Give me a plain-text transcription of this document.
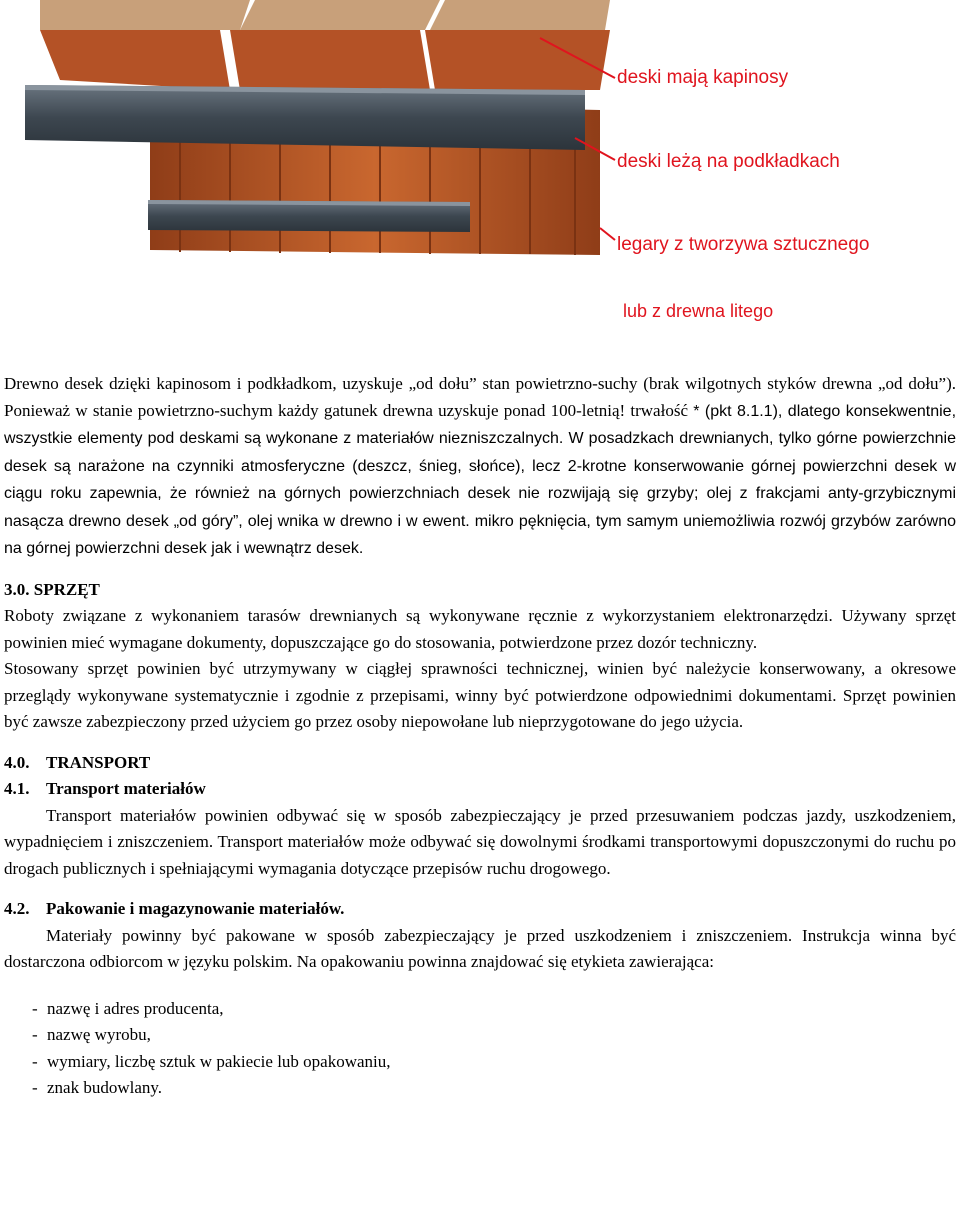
deski mają kapinosy
deski leżą na podkładkach
legary z tworzywa sztucznego
lub z drewna litego

Drewno desek dzięki kapinosom i podkładkom, uzyskuje „od dołu” stan powietrzno-suchy (brak wilgotnych styków drewna „od dołu”). Ponieważ w stanie powietrzno-suchym każdy gatunek drewna uzyskuje ponad 100-letnią! trwałość * (pkt 8.1.1), dlatego konsekwentnie, wszystkie elementy pod deskami są wykonane z materiałów niezniszczalnych. W posadzkach drewnianych, tylko górne powierzchnie desek są narażone na czynniki atmosferyczne (deszcz, śnieg, słońce), lecz 2-krotne konserwowanie górnej powierzchni desek w ciągu roku zapewnia, że również na górnych powierzchniach desek nie rozwijają się grzyby; olej z frakcjami anty-grzybicznymi nasącza drewno desek „od góry”, olej wnika w drewno i w ewent. mikro pęknięcia, tym samym uniemożliwia rozwój grzybów zarówno na górnej powierzchni desek jak i wewnątrz desek.

3.0. SPRZĘT

Roboty związane z wykonaniem tarasów drewnianych są wykonywane ręcznie z wykorzystaniem elektronarzędzi. Używany sprzęt powinien mieć wymagane dokumenty, dopuszczające go do stosowania, potwierdzone przez dozór techniczny.

Stosowany sprzęt powinien być utrzymywany w ciągłej sprawności technicznej, winien być należycie konserwowany, a okresowe przeglądy wykonywane systematycznie i zgodnie z przepisami, winny być potwierdzone odpowiednimi dokumentami. Sprzęt powinien być zawsze zabezpieczony przed użyciem go przez osoby niepowołane lub nieprzygotowane do jego użycia.

4.0. TRANSPORT

4.1. Transport materiałów

Transport materiałów powinien odbywać się w sposób zabezpieczający je przed przesuwaniem podczas jazdy, uszkodzeniem, wypadnięciem i zniszczeniem. Transport materiałów może odbywać się dowolnymi środkami transportowymi dopuszczonymi do ruchu po drogach publicznych i spełniającymi wymagania dotyczące przepisów ruchu drogowego.

4.2. Pakowanie i magazynowanie materiałów.

Materiały powinny być pakowane w sposób zabezpieczający je przed uszkodzeniem i zniszczeniem. Instrukcja winna być dostarczona odbiorcom w języku polskim. Na opakowaniu powinna znajdować się etykieta zawierająca:

- nazwę i adres producenta,
- nazwę wyrobu,
- wymiary, liczbę sztuk w pakiecie lub opakowaniu,
- znak budowlany.
